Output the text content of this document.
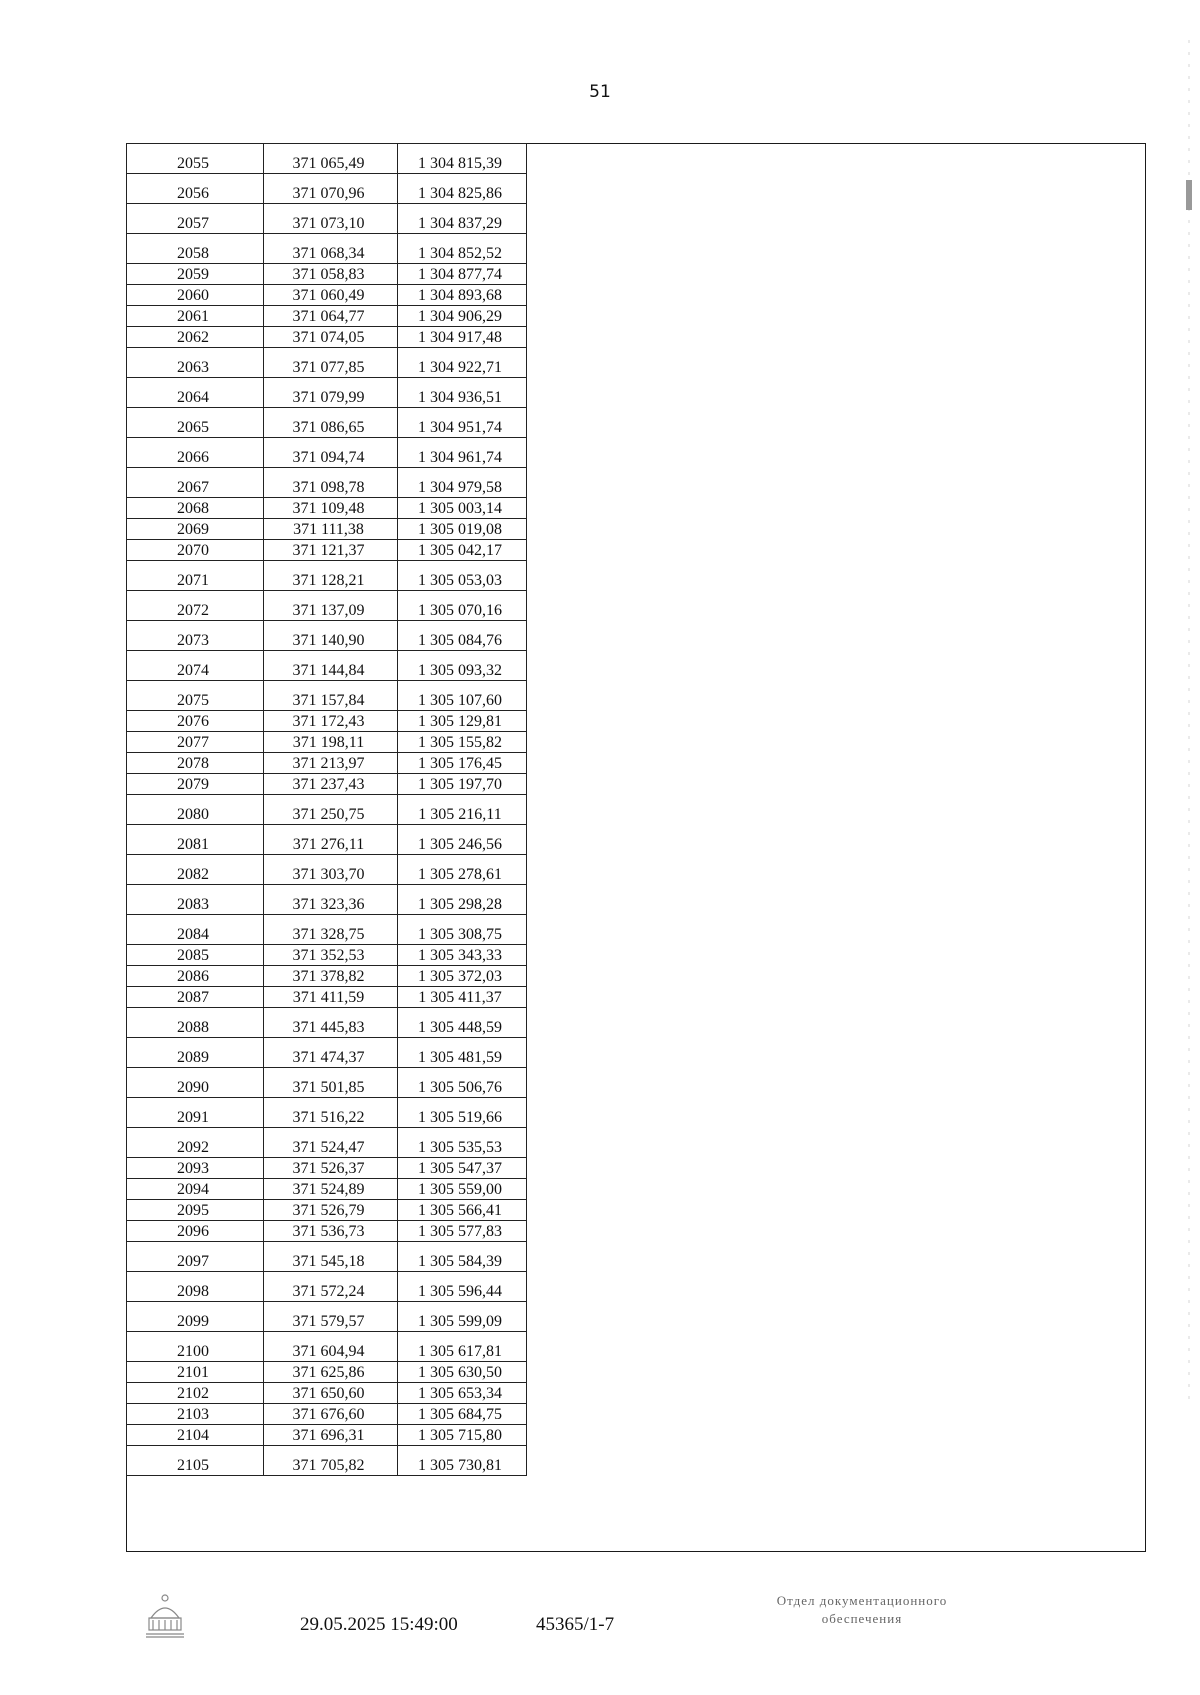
51
2055	371 065,49	1 304 815,39
2056	371 070,96	1 304 825,86
2057	371 073,10	1 304 837,29
2058	371 068,34	1 304 852,52
2059	371 058,83	1 304 877,74
2060	371 060,49	1 304 893,68
2061	371 064,77	1 304 906,29
2062	371 074,05	1 304 917,48
2063	371 077,85	1 304 922,71
2064	371 079,99	1 304 936,51
2065	371 086,65	1 304 951,74
2066	371 094,74	1 304 961,74
2067	371 098,78	1 304 979,58
2068	371 109,48	1 305 003,14
2069	371 111,38	1 305 019,08
2070	371 121,37	1 305 042,17
2071	371 128,21	1 305 053,03
2072	371 137,09	1 305 070,16
2073	371 140,90	1 305 084,76
2074	371 144,84	1 305 093,32
2075	371 157,84	1 305 107,60
2076	371 172,43	1 305 129,81
2077	371 198,11	1 305 155,82
2078	371 213,97	1 305 176,45
2079	371 237,43	1 305 197,70
2080	371 250,75	1 305 216,11
2081	371 276,11	1 305 246,56
2082	371 303,70	1 305 278,61
2083	371 323,36	1 305 298,28
2084	371 328,75	1 305 308,75
2085	371 352,53	1 305 343,33
2086	371 378,82	1 305 372,03
2087	371 411,59	1 305 411,37
2088	371 445,83	1 305 448,59
2089	371 474,37	1 305 481,59
2090	371 501,85	1 305 506,76
2091	371 516,22	1 305 519,66
2092	371 524,47	1 305 535,53
2093	371 526,37	1 305 547,37
2094	371 524,89	1 305 559,00
2095	371 526,79	1 305 566,41
2096	371 536,73	1 305 577,83
2097	371 545,18	1 305 584,39
2098	371 572,24	1 305 596,44
2099	371 579,57	1 305 599,09
2100	371 604,94	1 305 617,81
2101	371 625,86	1 305 630,50
2102	371 650,60	1 305 653,34
2103	371 676,60	1 305 684,75
2104	371 696,31	1 305 715,80
2105	371 705,82	1 305 730,81
29.05.2025 15:49:00	45365/1-7
Отдел документационного
обеспечения
